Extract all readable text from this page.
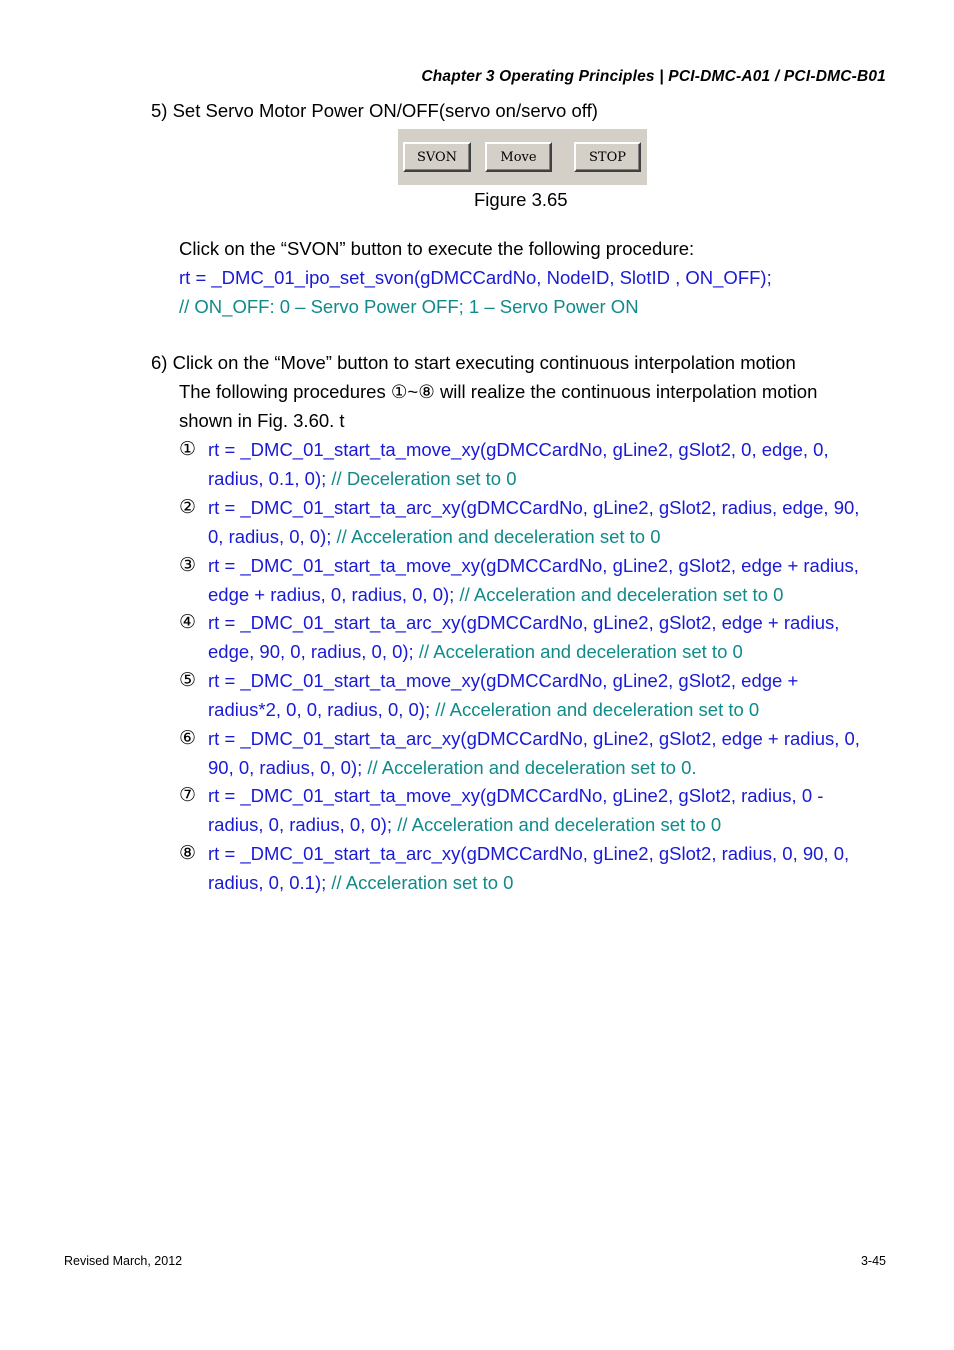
Chapter 3 Operating Principles | PCI-DMC-A01 / PCI-DMC-B01
5) Set Servo Motor Power ON/OFF(servo on/servo off)
SVON	Move	STOP
Figure 3.65
Click on the “SVON” button to execute the following procedure:
rt = _DMC_01_ipo_set_svon(gDMCCardNo, NodeID, SlotID , ON_OFF);
// ON_OFF: 0 – Servo Power OFF; 1 – Servo Power ON
6) Click on the “Move” button to start executing continuous interpolation motion
The following procedures ①~⑧ will realize the continuous interpolation motion
shown in Fig. 3.60. t
① rt = _DMC_01_start_ta_move_xy(gDMCCardNo, gLine2, gSlot2, 0, edge, 0,
radius, 0.1, 0); // Deceleration set to 0
② rt = _DMC_01_start_ta_arc_xy(gDMCCardNo, gLine2, gSlot2, radius, edge, 90,
0, radius, 0, 0); // Acceleration and deceleration set to 0
③ rt = _DMC_01_start_ta_move_xy(gDMCCardNo, gLine2, gSlot2, edge + radius,
edge + radius, 0, radius, 0, 0); // Acceleration and deceleration set to 0
④ rt = _DMC_01_start_ta_arc_xy(gDMCCardNo, gLine2, gSlot2, edge + radius,
edge, 90, 0, radius, 0, 0); // Acceleration and deceleration set to 0
⑤ rt = _DMC_01_start_ta_move_xy(gDMCCardNo, gLine2, gSlot2, edge +
radius*2, 0, 0, radius, 0, 0); // Acceleration and deceleration set to 0
⑥ rt = _DMC_01_start_ta_arc_xy(gDMCCardNo, gLine2, gSlot2, edge + radius, 0,
90, 0, radius, 0, 0); // Acceleration and deceleration set to 0.
⑦ rt = _DMC_01_start_ta_move_xy(gDMCCardNo, gLine2, gSlot2, radius, 0 -
radius, 0, radius, 0, 0); // Acceleration and deceleration set to 0
⑧ rt = _DMC_01_start_ta_arc_xy(gDMCCardNo, gLine2, gSlot2, radius, 0, 90, 0,
radius, 0, 0.1); // Acceleration set to 0
Revised March, 2012	3-45
